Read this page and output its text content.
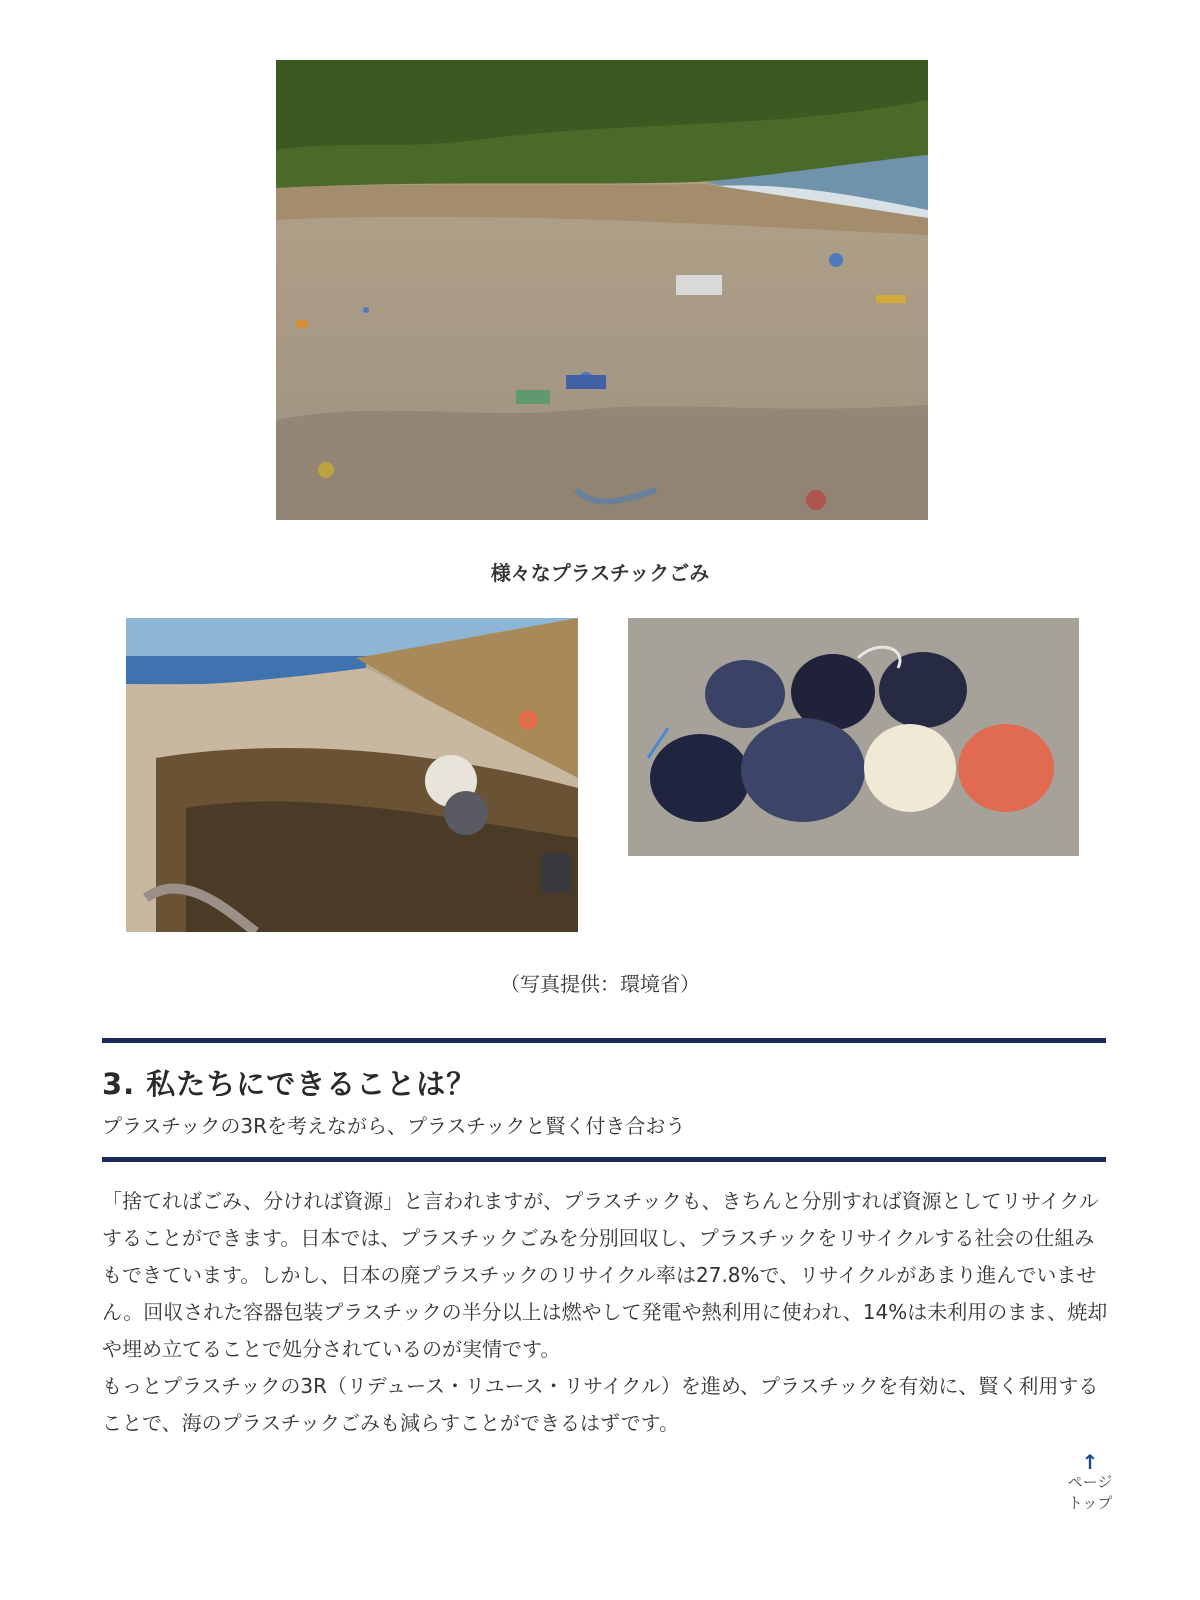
様々なプラスチックごみ
（写真提供：環境省）
3. 私たちにできることは？
プラスチックの3Rを考えながら、プラスチックと賢く付き合おう

「捨てればごみ、分ければ資源」と言われますが、プラスチックも、きちんと分別すれば資源としてリサイクルすることができます。日本では、プラスチックごみを分別回収し、プラスチックをリサイクルする社会の仕組みもできています。しかし、日本の廃プラスチックのリサイクル率は27.8%で、リサイクルがあまり進んでいません。回収された容器包装プラスチックの半分以上は燃やして発電や熱利用に使われ、14%は未利用のまま、焼却や埋め立てることで処分されているのが実情です。

もっとプラスチックの3R（リデュース・リユース・リサイクル）を進め、プラスチックを有効に、賢く利用することで、海のプラスチックごみも減らすことができるはずです。

↑
ページ
トップ
